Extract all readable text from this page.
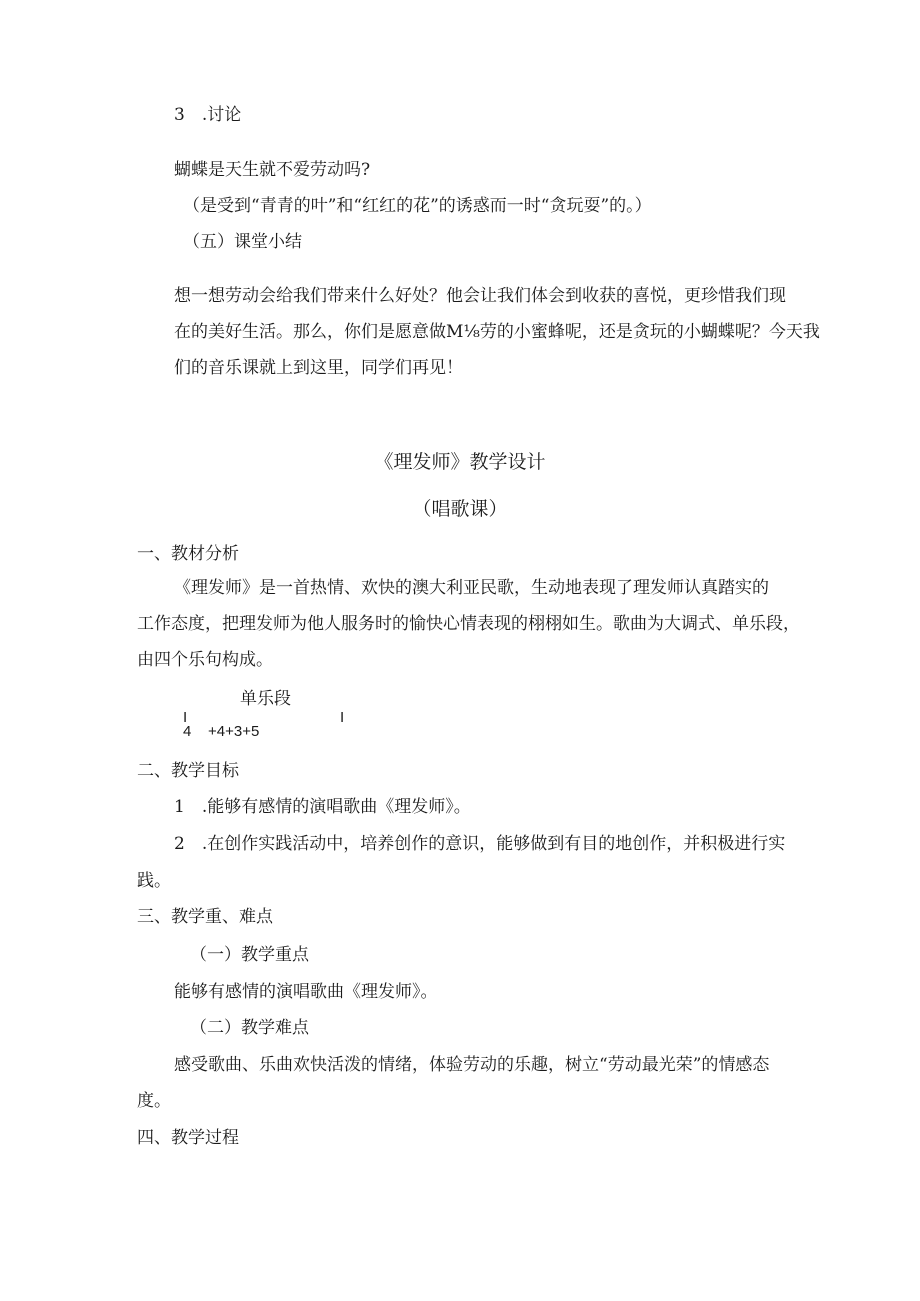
3　.讨论
蝴蝶是天生就不爱劳动吗?
（是受到“青青的叶”和“红红的花”的诱惑而一时“贪玩耍”的。）
（五）课堂小结
想一想劳动会给我们带来什么好处？他会让我们体会到收获的喜悦，更珍惜我们现
在的美好生活。那么，你们是愿意做M⅛劳的小蜜蜂呢，还是贪玩的小蝴蝶呢？今天我
们的音乐课就上到这里，同学们再见！
《理发师》教学设计
（唱歌课）
一、教材分析
《理发师》是一首热情、欢快的澳大利亚民歌，生动地表现了理发师认真踏实的
工作态度，把理发师为他人服务时的愉快心情表现的栩栩如生。歌曲为大调式、单乐段，
由四个乐句构成。
单乐段
I	I
4 +4+3+5
二、教学目标
1　.能够有感情的演唱歌曲《理发师》。
2　.在创作实践活动中，培养创作的意识，能够做到有目的地创作，并积极进行实
践。
三、教学重、难点
（一）教学重点
能够有感情的演唱歌曲《理发师》。
（二）教学难点
感受歌曲、乐曲欢快活泼的情绪，体验劳动的乐趣，树立“劳动最光荣”的情感态
度。
四、教学过程
